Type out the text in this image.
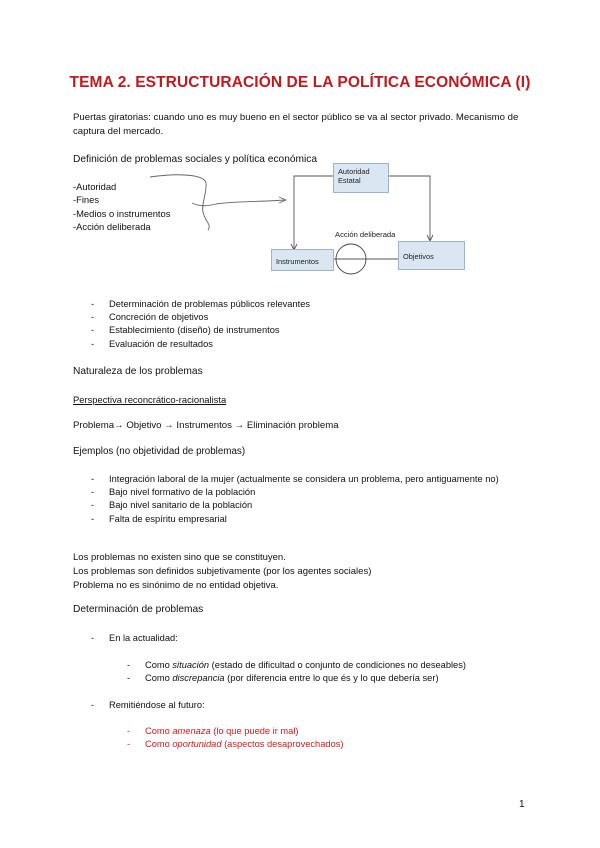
TEMA 2. ESTRUCTURACIÓN DE LA POLÍTICA ECONÓMICA (I)
Puertas giratorias: cuando uno es muy bueno en el sector público se va al sector privado. Mecanismo de captura del mercado.
Definición de problemas sociales y política económica
-Autoridad
-Fines
-Medios o instrumentos
-Acción deliberada
Autoridad Estatal
Instrumentos
Objetivos
Acción deliberada
- Determinación de problemas públicos relevantes
- Concreción de objetivos
- Establecimiento (diseño) de instrumentos
- Evaluación de resultados
Naturaleza de los problemas
Perspectiva reconcrático-racionalista
Problema→ Objetivo → Instrumentos → Eliminación problema
Ejemplos (no objetividad de problemas)
- Integración laboral de la mujer (actualmente se considera un problema, pero antiguamente no)
- Bajo nivel formativo de la población
- Bajo nivel sanitario de la población
- Falta de espíritu empresarial
Los problemas no existen sino que se constituyen.
Los problemas son definidos subjetivamente (por los agentes sociales)
Problema no es sinónimo de no entidad objetiva.
Determinación de problemas
- En la actualidad:
- Como situación (estado de dificultad o conjunto de condiciones no deseables)
- Como discrepancia (por diferencia entre lo que és y lo que debería ser)
- Remitiéndose al futuro:
- Como amenaza (lo que puede ir mal)
- Como oportunidad (aspectos desaprovechados)
1
